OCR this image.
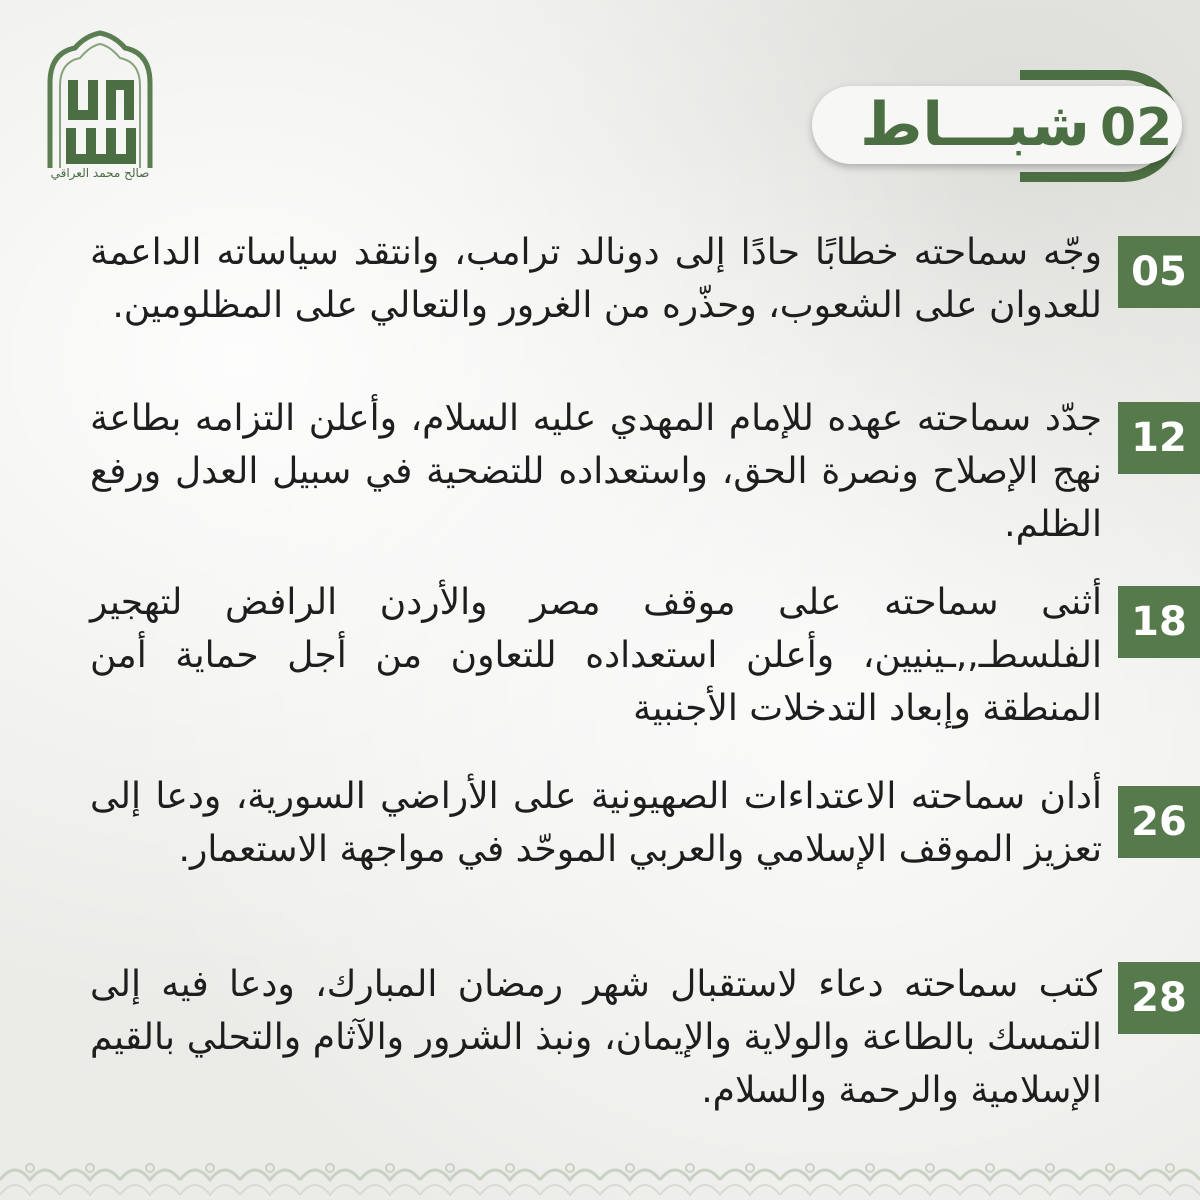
صالح محمد العراقي
02
شبـــاط
05
وجّه سماحته خطابًا حادًا إلى دونالد ترامب، وانتقد سياساته الداعمة للعدوان على الشعوب، وحذّره من الغرور والتعالي على المظلومين.
12
جدّد سماحته عهده للإمام المهدي عليه السلام، وأعلن التزامه بطاعة نهج الإصلاح ونصرة الحق، واستعداده للتضحية في سبيل العدل ورفع الظلم.
18
أثنى سماحته على موقف مصر والأردن الرافض لتهجير الفلسطـ,,ـينيين، وأعلن استعداده للتعاون من أجل حماية أمن المنطقة وإبعاد التدخلات الأجنبية
26
أدان سماحته الاعتداءات الصهيونية على الأراضي السورية، ودعا إلى تعزيز الموقف الإسلامي والعربي الموحّد في مواجهة الاستعمار.
28
كتب سماحته دعاء لاستقبال شهر رمضان المبارك، ودعا فيه إلى التمسك بالطاعة والولاية والإيمان، ونبذ الشرور والآثام والتحلي بالقيم الإسلامية والرحمة والسلام.
